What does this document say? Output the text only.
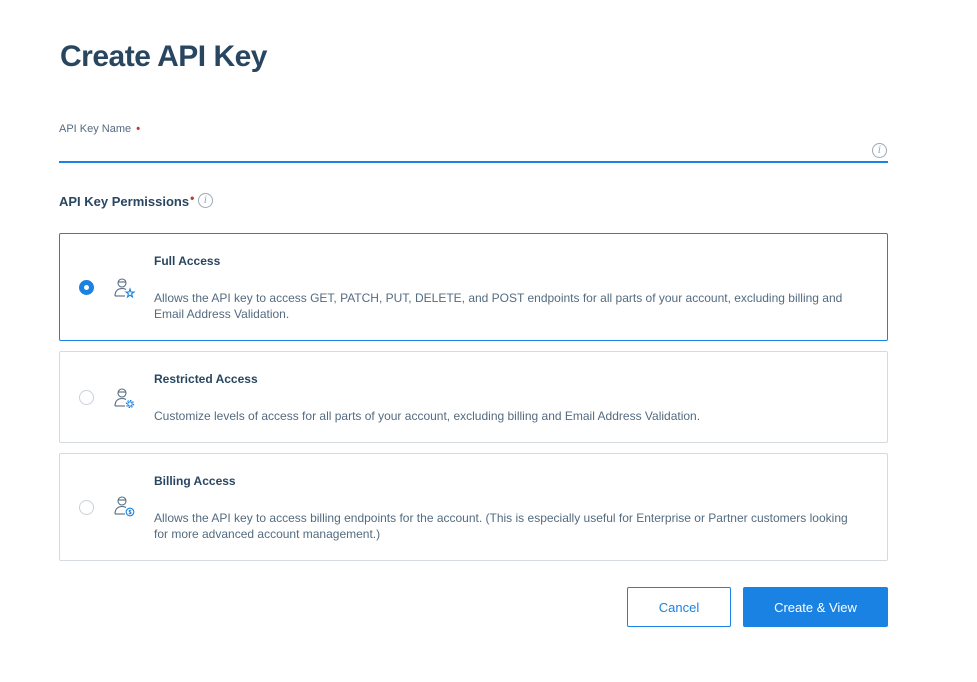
Create API Key
API Key Name •
i
API Key Permissions• i
Full Access
Allows the API key to access GET, PATCH, PUT, DELETE, and POST endpoints for all parts of your account, excluding billing and Email Address Validation.
Restricted Access
Customize levels of access for all parts of your account, excluding billing and Email Address Validation.
Billing Access
Allows the API key to access billing endpoints for the account. (This is especially useful for Enterprise or Partner customers looking for more advanced account management.)
Cancel	Create & View
